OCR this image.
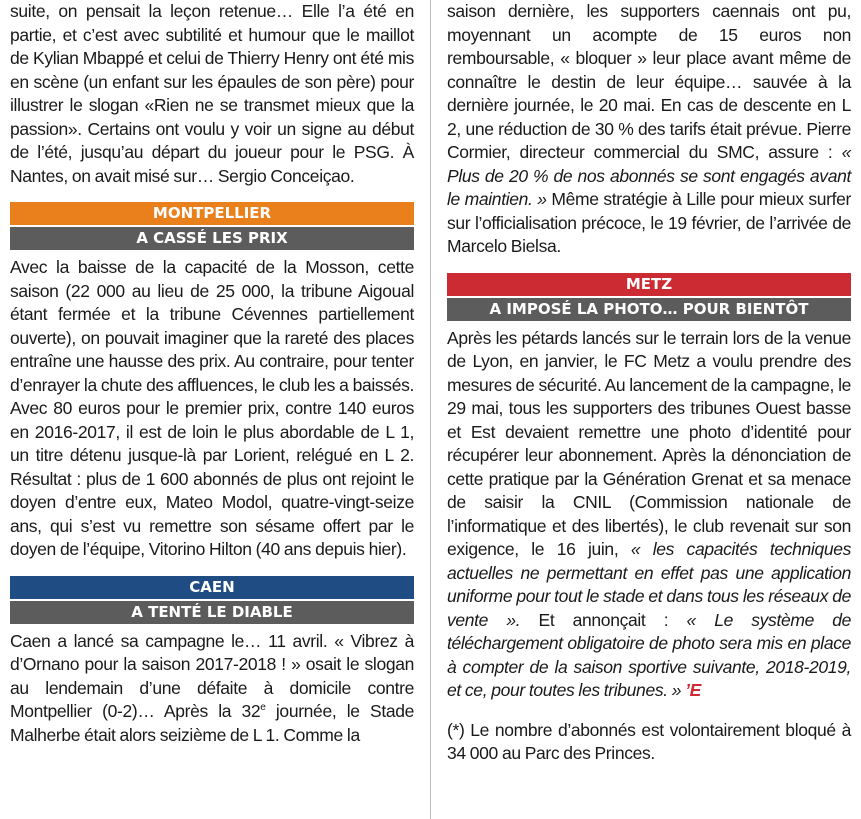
suite, on pensait la leçon retenue… Elle l’a été en partie, et c’est avec subtilité et humour que le maillot de Kylian Mbappé et celui de Thierry Henry ont été mis en scène (un enfant sur les épaules de son père) pour illustrer le slogan «Rien ne se transmet mieux que la passion». Certains ont voulu y voir un signe au début de l’été, jusqu’au départ du joueur pour le PSG. À Nantes, on avait misé sur… Sergio Conceiçao.

MONTPELLIER
A CASSÉ LES PRIX

Avec la baisse de la capacité de la Mosson, cette saison (22 000 au lieu de 25 000, la tribune Aigoual étant fermée et la tribune Cévennes partiellement ouverte), on pouvait imaginer que la rareté des places entraîne une hausse des prix. Au contraire, pour tenter d’enrayer la chute des affluences, le club les a baissés. Avec 80 euros pour le premier prix, contre 140 euros en 2016-2017, il est de loin le plus abordable de L 1, un titre détenu jusque-là par Lorient, relégué en L 2. Résultat : plus de 1 600 abonnés de plus ont rejoint le doyen d’entre eux, Mateo Modol, quatre-vingt-seize ans, qui s’est vu remettre son sésame offert par le doyen de l’équipe, Vitorino Hilton (40 ans depuis hier).

CAEN
A TENTÉ LE DIABLE

Caen a lancé sa campagne le… 11 avril. « Vibrez à d’Ornano pour la saison 2017-2018 ! » osait le slogan au lendemain d’une défaite à domicile contre Montpellier (0-2)… Après la 32e journée, le Stade Malherbe était alors seizième de L 1. Comme la

saison dernière, les supporters caennais ont pu, moyennant un acompte de 15 euros non remboursable, « bloquer » leur place avant même de connaître le destin de leur équipe… sauvée à la dernière journée, le 20 mai. En cas de descente en L 2, une réduction de 30 % des tarifs était prévue. Pierre Cormier, directeur commercial du SMC, assure : « Plus de 20 % de nos abonnés se sont engagés avant le maintien. » Même stratégie à Lille pour mieux surfer sur l’officialisation précoce, le 19 février, de l’arrivée de Marcelo Bielsa.

METZ
A IMPOSÉ LA PHOTO… POUR BIENTÔT

Après les pétards lancés sur le terrain lors de la venue de Lyon, en janvier, le FC Metz a voulu prendre des mesures de sécurité. Au lancement de la campagne, le 29 mai, tous les supporters des tribunes Ouest basse et Est devaient remettre une photo d’identité pour récupérer leur abonnement. Après la dénonciation de cette pratique par la Génération Grenat et sa menace de saisir la CNIL (Commission nationale de l’informatique et des libertés), le club revenait sur son exigence, le 16 juin, « les capacités techniques actuelles ne permettant en effet pas une application uniforme pour tout le stade et dans tous les réseaux de vente ». Et annonçait : « Le système de téléchargement obligatoire de photo sera mis en place à compter de la saison sportive suivante, 2018-2019, et ce, pour toutes les tribunes. » ’E

(*) Le nombre d’abonnés est volontairement bloqué à 34 000 au Parc des Princes.
